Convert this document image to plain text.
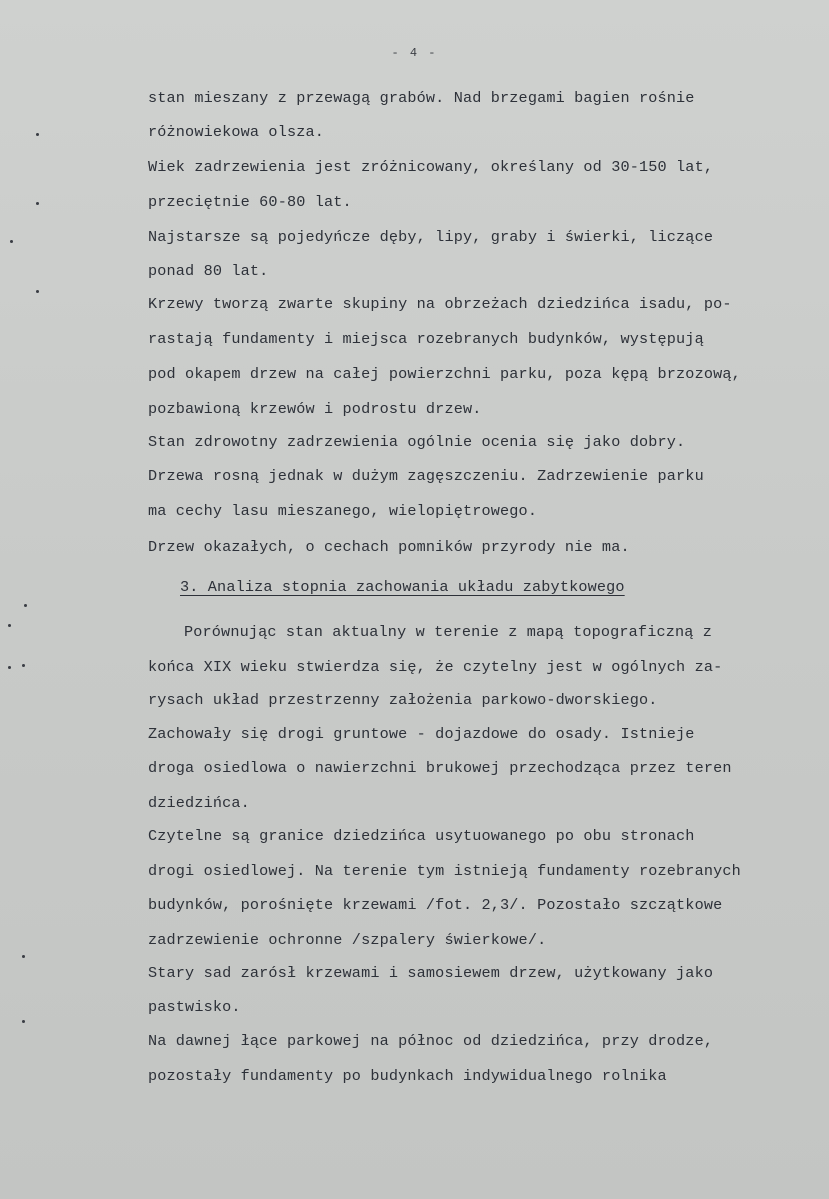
- 4 -
stan mieszany z przewagą grabów. Nad brzegami bagien rośnie
różnowiekowa olsza.
Wiek zadrzewienia jest zróżnicowany, określany od 30-150 lat,
przeciętnie 60-80 lat.
Najstarsze są pojedyńcze dęby, lipy, graby i świerki, liczące
ponad 80 lat.
Krzewy tworzą zwarte skupiny na obrzeżach dziedzińca isadu, po-
rastają fundamenty i miejsca rozebranych budynków, występują
pod okapem drzew na całej powierzchni parku, poza kępą brzozową,
pozbawioną krzewów i podrostu drzew.
Stan zdrowotny zadrzewienia ogólnie ocenia się jako dobry.
Drzewa rosną jednak w dużym zagęszczeniu. Zadrzewienie parku
ma cechy lasu mieszanego, wielopiętrowego.
Drzew okazałych, o cechach pomników przyrody nie ma.
3. Analiza stopnia zachowania układu zabytkowego
Porównując stan aktualny w terenie z mapą topograficzną z
końca XIX wieku stwierdza się, że czytelny jest w ogólnych za-
rysach układ przestrzenny założenia parkowo-dworskiego.
Zachowały się drogi gruntowe - dojazdowe do osady. Istnieje
droga osiedlowa o nawierzchni brukowej przechodząca przez teren
dziedzińca.
Czytelne są granice dziedzińca usytuowanego po obu stronach
drogi osiedlowej. Na terenie tym istnieją fundamenty rozebranych
budynków, porośnięte krzewami /fot. 2,3/. Pozostało szczątkowe
zadrzewienie ochronne /szpalery świerkowe/.
Stary sad zarósł krzewami i samosiewem drzew, użytkowany jako
pastwisko.
Na dawnej łące parkowej na północ od dziedzińca, przy drodze,
pozostały fundamenty po budynkach indywidualnego rolnika
